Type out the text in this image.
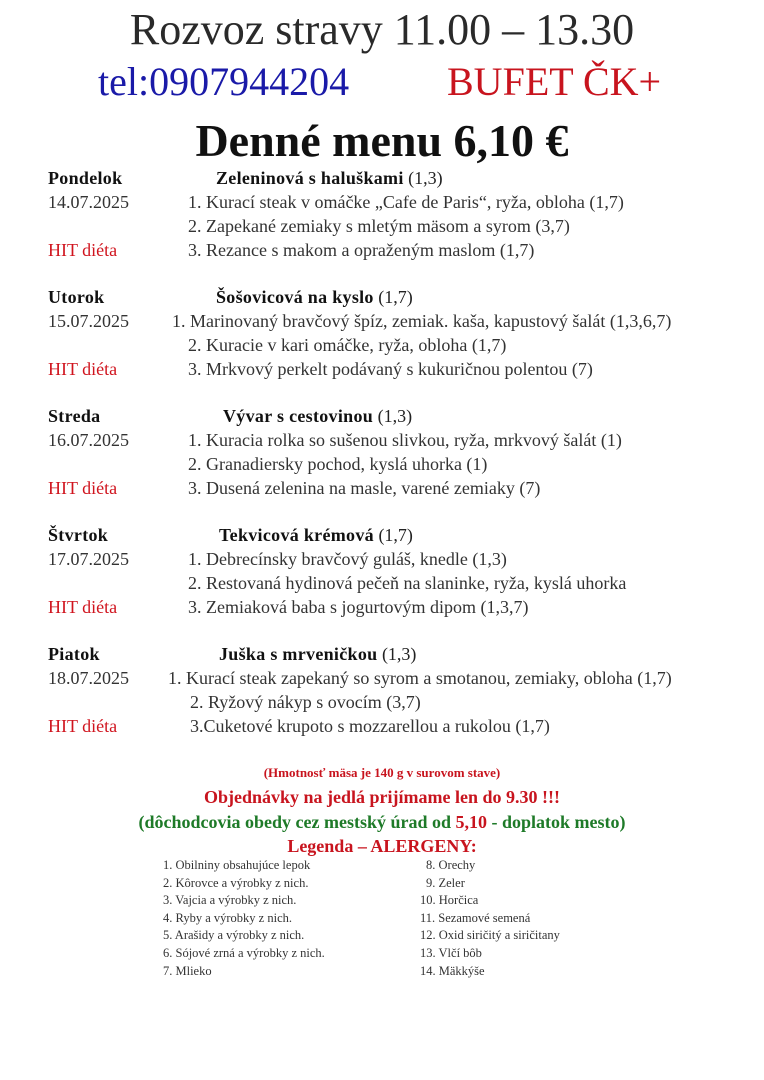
Rozvoz stravy 11.00 – 13.30
tel:0907944204 BUFET ČK+
Denné menu 6,10 €
Pondelok	Zeleninová s haluškami (1,3)
14.07.2025	1. Kurací steak v omáčke „Cafe de Paris“, ryža, obloha (1,7)
2. Zapekané zemiaky s mletým mäsom a syrom (3,7)
HIT diéta	3. Rezance s makom a opraženým maslom (1,7)
Utorok	Šošovicová na kyslo (1,7)
15.07.2025 1. Marinovaný bravčový špíz, zemiak. kaša, kapustový šalát (1,3,6,7)
2. Kuracie v kari omáčke, ryža, obloha (1,7)
HIT diéta	3. Mrkvový perkelt podávaný s kukuričnou polentou (7)
Streda	Vývar s cestovinou (1,3)
16.07.2025	1. Kuracia rolka so sušenou slivkou, ryža, mrkvový šalát (1)
2. Granadiersky pochod, kyslá uhorka (1)
HIT diéta	3. Dusená zelenina na masle, varené zemiaky (7)
Štvrtok	Tekvicová krémová (1,7)
17.07.2025	1. Debrecínsky bravčový guláš, knedle (1,3)
2. Restovaná hydinová pečeň na slaninke, ryža, kyslá uhorka
HIT diéta	3. Zemiaková baba s jogurtovým dipom (1,3,7)
Piatok	Juška s mrveničkou (1,3)
18.07.2025 1. Kurací steak zapekaný so syrom a smotanou, zemiaky, obloha (1,7)
2. Ryžový nákyp s ovocím (3,7)
HIT diéta	3.Cuketové krupoto s mozzarellou a rukolou (1,7)
(Hmotnosť mäsa je 140 g v surovom stave)
Objednávky na jedlá prijímame len do 9.30 !!!
(dôchodcovia obedy cez mestský úrad od 5,10 - doplatok mesto)
Legenda – ALERGENY:
1. Obilniny obsahujúce lepok
2. Kôrovce a výrobky z nich.
3. Vajcia a výrobky z nich.
4. Ryby a výrobky z nich.
5. Arašidy a výrobky z nich.
6. Sójové zrná a výrobky z nich.
7. Mlieko
8. Orechy
9. Zeler
10. Horčica
11. Sezamové semená
12. Oxid siričitý a siričitany
13. Vlčí bôb
14. Mäkkýše
